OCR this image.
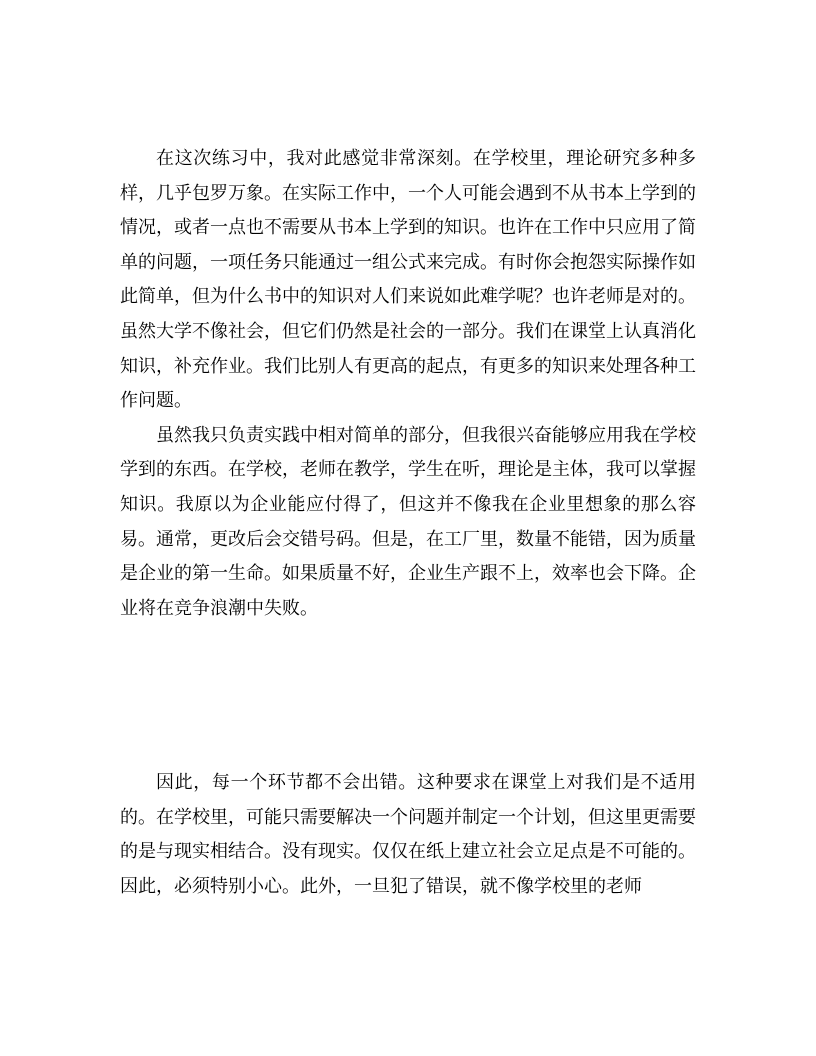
在这次练习中，我对此感觉非常深刻。在学校里，理论研究多种多样，几乎包罗万象。在实际工作中，一个人可能会遇到不从书本上学到的情况，或者一点也不需要从书本上学到的知识。也许在工作中只应用了简单的问题，一项任务只能通过一组公式来完成。有时你会抱怨实际操作如此简单，但为什么书中的知识对人们来说如此难学呢？也许老师是对的。虽然大学不像社会，但它们仍然是社会的一部分。我们在课堂上认真消化知识，补充作业。我们比别人有更高的起点，有更多的知识来处理各种工作问题。

虽然我只负责实践中相对简单的部分，但我很兴奋能够应用我在学校学到的东西。在学校，老师在教学，学生在听，理论是主体，我可以掌握知识。我原以为企业能应付得了，但这并不像我在企业里想象的那么容易。通常，更改后会交错号码。但是，在工厂里，数量不能错，因为质量是企业的第一生命。如果质量不好，企业生产跟不上，效率也会下降。企业将在竞争浪潮中失败。

因此，每一个环节都不会出错。这种要求在课堂上对我们是不适用的。在学校里，可能只需要解决一个问题并制定一个计划，但这里更需要的是与现实相结合。没有现实。仅仅在纸上建立社会立足点是不可能的。因此，必须特别小心。此外，一旦犯了错误，就不像学校里的老师
